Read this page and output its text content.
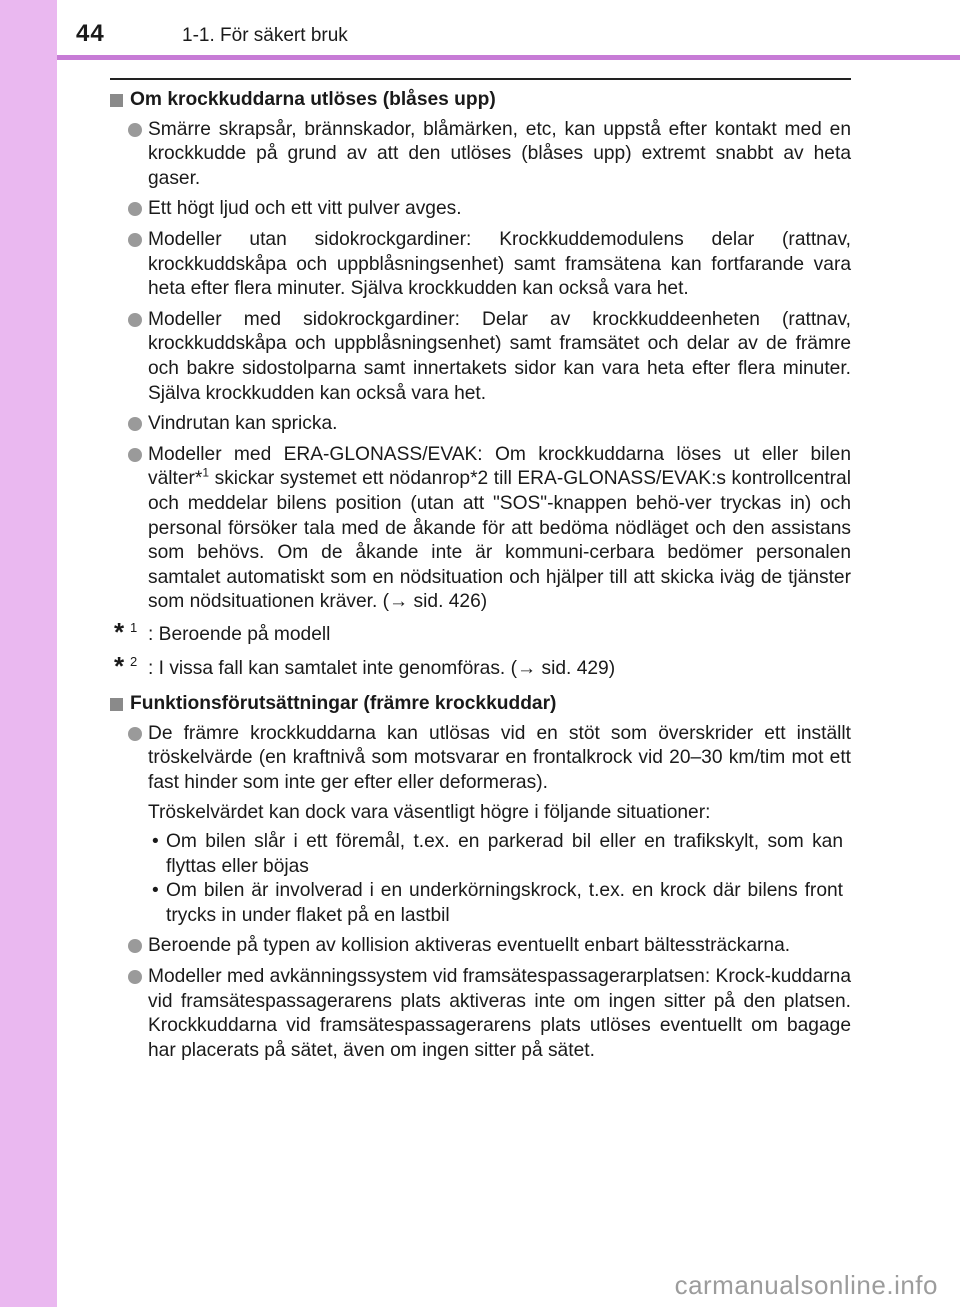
44	1-1. För säkert bruk
Om krockkuddarna utlöses (blåses upp)
Smärre skrapsår, brännskador, blåmärken, etc, kan uppstå efter kontakt med en krockkudde på grund av att den utlöses (blåses upp) extremt snabbt av heta gaser.
Ett högt ljud och ett vitt pulver avges.
Modeller utan sidokrockgardiner: Krockkuddemodulens delar (rattnav, krockkuddskåpa och uppblåsningsenhet) samt framsätena kan fortfarande vara heta efter flera minuter. Själva krockkudden kan också vara het.
Modeller med sidokrockgardiner: Delar av krockkuddeenheten (rattnav, krockkuddskåpa och uppblåsningsenhet) samt framsätet och delar av de främre och bakre sidostolparna samt innertakets sidor kan vara heta efter flera minuter. Själva krockkudden kan också vara het.
Vindrutan kan spricka.
Modeller med ERA-GLONASS/EVAK: Om krockkuddarna löses ut eller bilen välter*$^1$ skickar systemet ett nödanrop*2 till ERA-GLONASS/EVAK:s kontrollcentral och meddelar bilens position (utan att "SOS"-knappen behö-ver tryckas in) och personal försöker tala med de åkande för att bedöma nödläget och den assistans som behövs. Om de åkande inte är kommuni-cerbara bedömer personalen samtalet automatiskt som en nödsituation och hjälper till att skicka iväg de tjänster som nödsituationen kräver. (→ sid. 426)
* 1 : Beroende på modell
* 2 : I vissa fall kan samtalet inte genomföras. (→ sid. 429)
Funktionsförutsättningar (främre krockkuddar)
De främre krockkuddarna kan utlösas vid en stöt som överskrider ett inställt tröskelvärde (en kraftnivå som motsvarar en frontalkrock vid 20–30 km/tim mot ett fast hinder som inte ger efter eller deformeras).
Tröskelvärdet kan dock vara väsentligt högre i följande situationer:
• Om bilen slår i ett föremål, t.ex. en parkerad bil eller en trafikskylt, som kan flyttas eller böjas
• Om bilen är involverad i en underkörningskrock, t.ex. en krock där bilens front trycks in under flaket på en lastbil
Beroende på typen av kollision aktiveras eventuellt enbart bältessträckarna.
Modeller med avkänningssystem vid framsätespassagerarplatsen: Krock-kuddarna vid framsätespassagerarens plats aktiveras inte om ingen sitter på den platsen. Krockkuddarna vid framsätespassagerarens plats utlöses eventuellt om bagage har placerats på sätet, även om ingen sitter på sätet.
carmanualsonline.info
